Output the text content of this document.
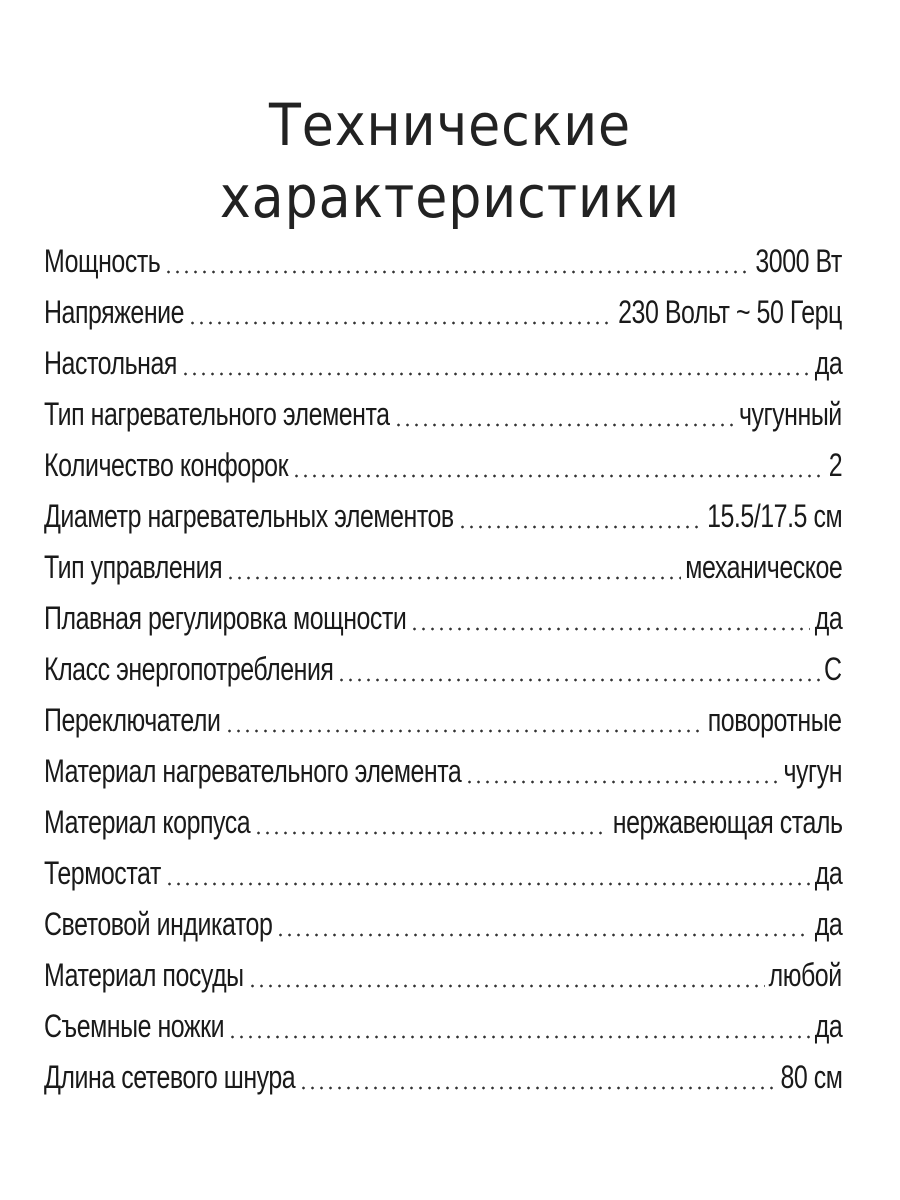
Технические
характеристики
Мощность	3000 Вт
Напряжение	230 Вольт ~ 50 Герц
Настольная	да
Тип нагревательного элемента	чугунный
Количество конфорок	2
Диаметр нагревательных элементов	15.5/17.5 см
Тип управления	механическое
Плавная регулировка мощности	да
Класс энергопотребления	С
Переключатели	поворотные
Материал нагревательного элемента	чугун
Материал корпуса	нержавеющая сталь
Термостат	да
Световой индикатор	да
Материал посуды	любой
Съемные ножки	да
Длина сетевого шнура	80 см
